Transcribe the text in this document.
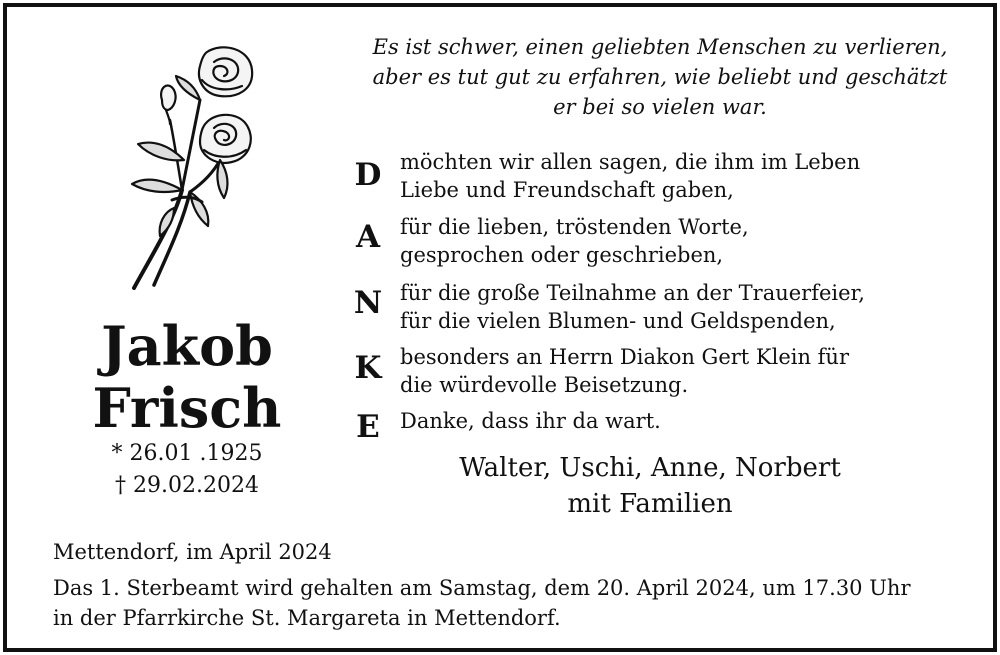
Jakob
Frisch
* 26.01 .1925
† 29.02.2024
Es ist schwer, einen geliebten Menschen zu verlieren,
aber es tut gut zu erfahren, wie beliebt und geschätzt
er bei so vielen war.
D möchten wir allen sagen, die ihm im Leben
Liebe und Freundschaft gaben,
A für die lieben, tröstenden Worte,
gesprochen oder geschrieben,
N für die große Teilnahme an der Trauerfeier,
für die vielen Blumen- und Geldspenden,
K besonders an Herrn Diakon Gert Klein für
die würdevolle Beisetzung.
E Danke, dass ihr da wart.
Walter, Uschi, Anne, Norbert
mit Familien
Mettendorf, im April 2024
Das 1. Sterbeamt wird gehalten am Samstag, dem 20. April 2024, um 17.30 Uhr
in der Pfarrkirche St. Margareta in Mettendorf.
